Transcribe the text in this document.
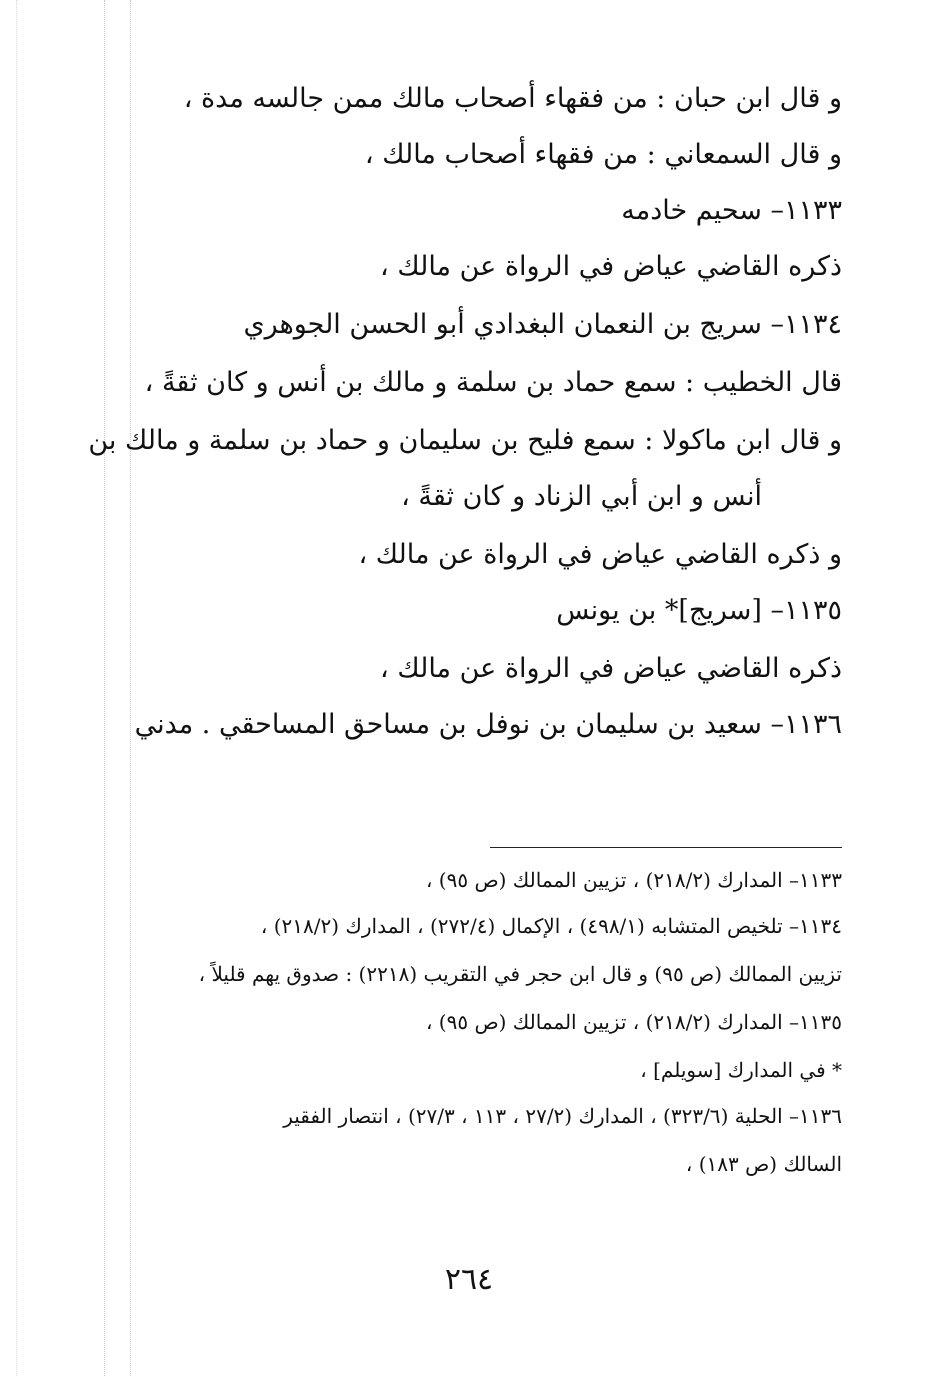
و قال ابن حبان : من فقهاء أصحاب مالك ممن جالسه مدة ،
و قال السمعاني : من فقهاء أصحاب مالك ،
١١٣٣– سحيم خادمه
ذكره القاضي عياض في الرواة عن مالك ،
١١٣٤– سريج بن النعمان البغدادي أبو الحسن الجوهري
قال الخطيب : سمع حماد بن سلمة و مالك بن أنس و كان ثقةً ،
و قال ابن ماكولا : سمع فليح بن سليمان و حماد بن سلمة و مالك بن
أنس و ابن أبي الزناد و كان ثقةً ،
و ذكره القاضي عياض في الرواة عن مالك ،
١١٣٥– [سريج]* بن يونس
ذكره القاضي عياض في الرواة عن مالك ،
١١٣٦– سعيد بن سليمان بن نوفل بن مساحق المساحقي . مدني
١١٣٣– المدارك (٢١٨/٢) ، تزيين الممالك (ص ٩٥) ،
١١٣٤– تلخيص المتشابه (٤٩٨/١) ، الإكمال (٢٧٢/٤) ، المدارك (٢١٨/٢) ،
تزيين الممالك (ص ٩٥) و قال ابن حجر في التقريب (٢٢١٨) : صدوق يهم قليلاً ،
١١٣٥– المدارك (٢١٨/٢) ، تزيين الممالك (ص ٩٥) ،
* في المدارك [سويلم] ،
١١٣٦– الحلية (٣٢٣/٦) ، المدارك (٢٧/٢ ، ١١٣ ، ٢٧/٣) ، انتصار الفقير
السالك (ص ١٨٣) ،
٢٦٤
